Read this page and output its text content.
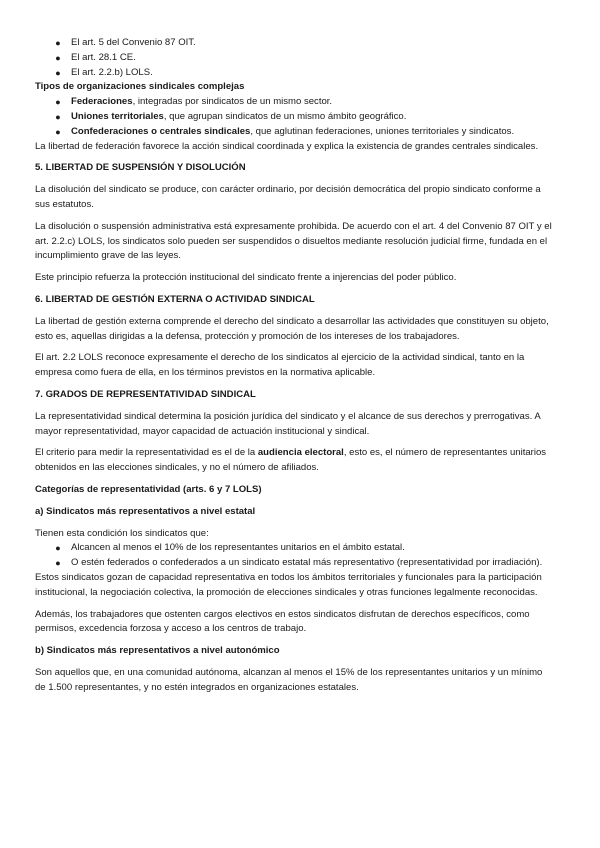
● El art. 5 del Convenio 87 OIT.
● El art. 28.1 CE.
● El art. 2.2.b) LOLS.

Tipos de organizaciones sindicales complejas

● Federaciones, integradas por sindicatos de un mismo sector.
● Uniones territoriales, que agrupan sindicatos de un mismo ámbito geográfico.
● Confederaciones o centrales sindicales, que aglutinan federaciones, uniones territoriales y sindicatos.

La libertad de federación favorece la acción sindical coordinada y explica la existencia de grandes centrales sindicales.

5. LIBERTAD DE SUSPENSIÓN Y DISOLUCIÓN

La disolución del sindicato se produce, con carácter ordinario, por decisión democrática del propio sindicato conforme a sus estatutos.

La disolución o suspensión administrativa está expresamente prohibida. De acuerdo con el art. 4 del Convenio 87 OIT y el art. 2.2.c) LOLS, los sindicatos solo pueden ser suspendidos o disueltos mediante resolución judicial firme, fundada en el incumplimiento grave de las leyes.

Este principio refuerza la protección institucional del sindicato frente a injerencias del poder público.

6. LIBERTAD DE GESTIÓN EXTERNA O ACTIVIDAD SINDICAL

La libertad de gestión externa comprende el derecho del sindicato a desarrollar las actividades que constituyen su objeto, esto es, aquellas dirigidas a la defensa, protección y promoción de los intereses de los trabajadores.

El art. 2.2 LOLS reconoce expresamente el derecho de los sindicatos al ejercicio de la actividad sindical, tanto en la empresa como fuera de ella, en los términos previstos en la normativa aplicable.

7. GRADOS DE REPRESENTATIVIDAD SINDICAL

La representatividad sindical determina la posición jurídica del sindicato y el alcance de sus derechos y prerrogativas. A mayor representatividad, mayor capacidad de actuación institucional y sindical.

El criterio para medir la representatividad es el de la audiencia electoral, esto es, el número de representantes unitarios obtenidos en las elecciones sindicales, y no el número de afiliados.

Categorías de representatividad (arts. 6 y 7 LOLS)

a) Sindicatos más representativos a nivel estatal

Tienen esta condición los sindicatos que:

● Alcancen al menos el 10% de los representantes unitarios en el ámbito estatal.
● O estén federados o confederados a un sindicato estatal más representativo (representatividad por irradiación).

Estos sindicatos gozan de capacidad representativa en todos los ámbitos territoriales y funcionales para la participación institucional, la negociación colectiva, la promoción de elecciones sindicales y otras funciones legalmente reconocidas.

Además, los trabajadores que ostenten cargos electivos en estos sindicatos disfrutan de derechos específicos, como permisos, excedencia forzosa y acceso a los centros de trabajo.

b) Sindicatos más representativos a nivel autonómico

Son aquellos que, en una comunidad autónoma, alcanzan al menos el 15% de los representantes unitarios y un mínimo de 1.500 representantes, y no estén integrados en organizaciones estatales.
